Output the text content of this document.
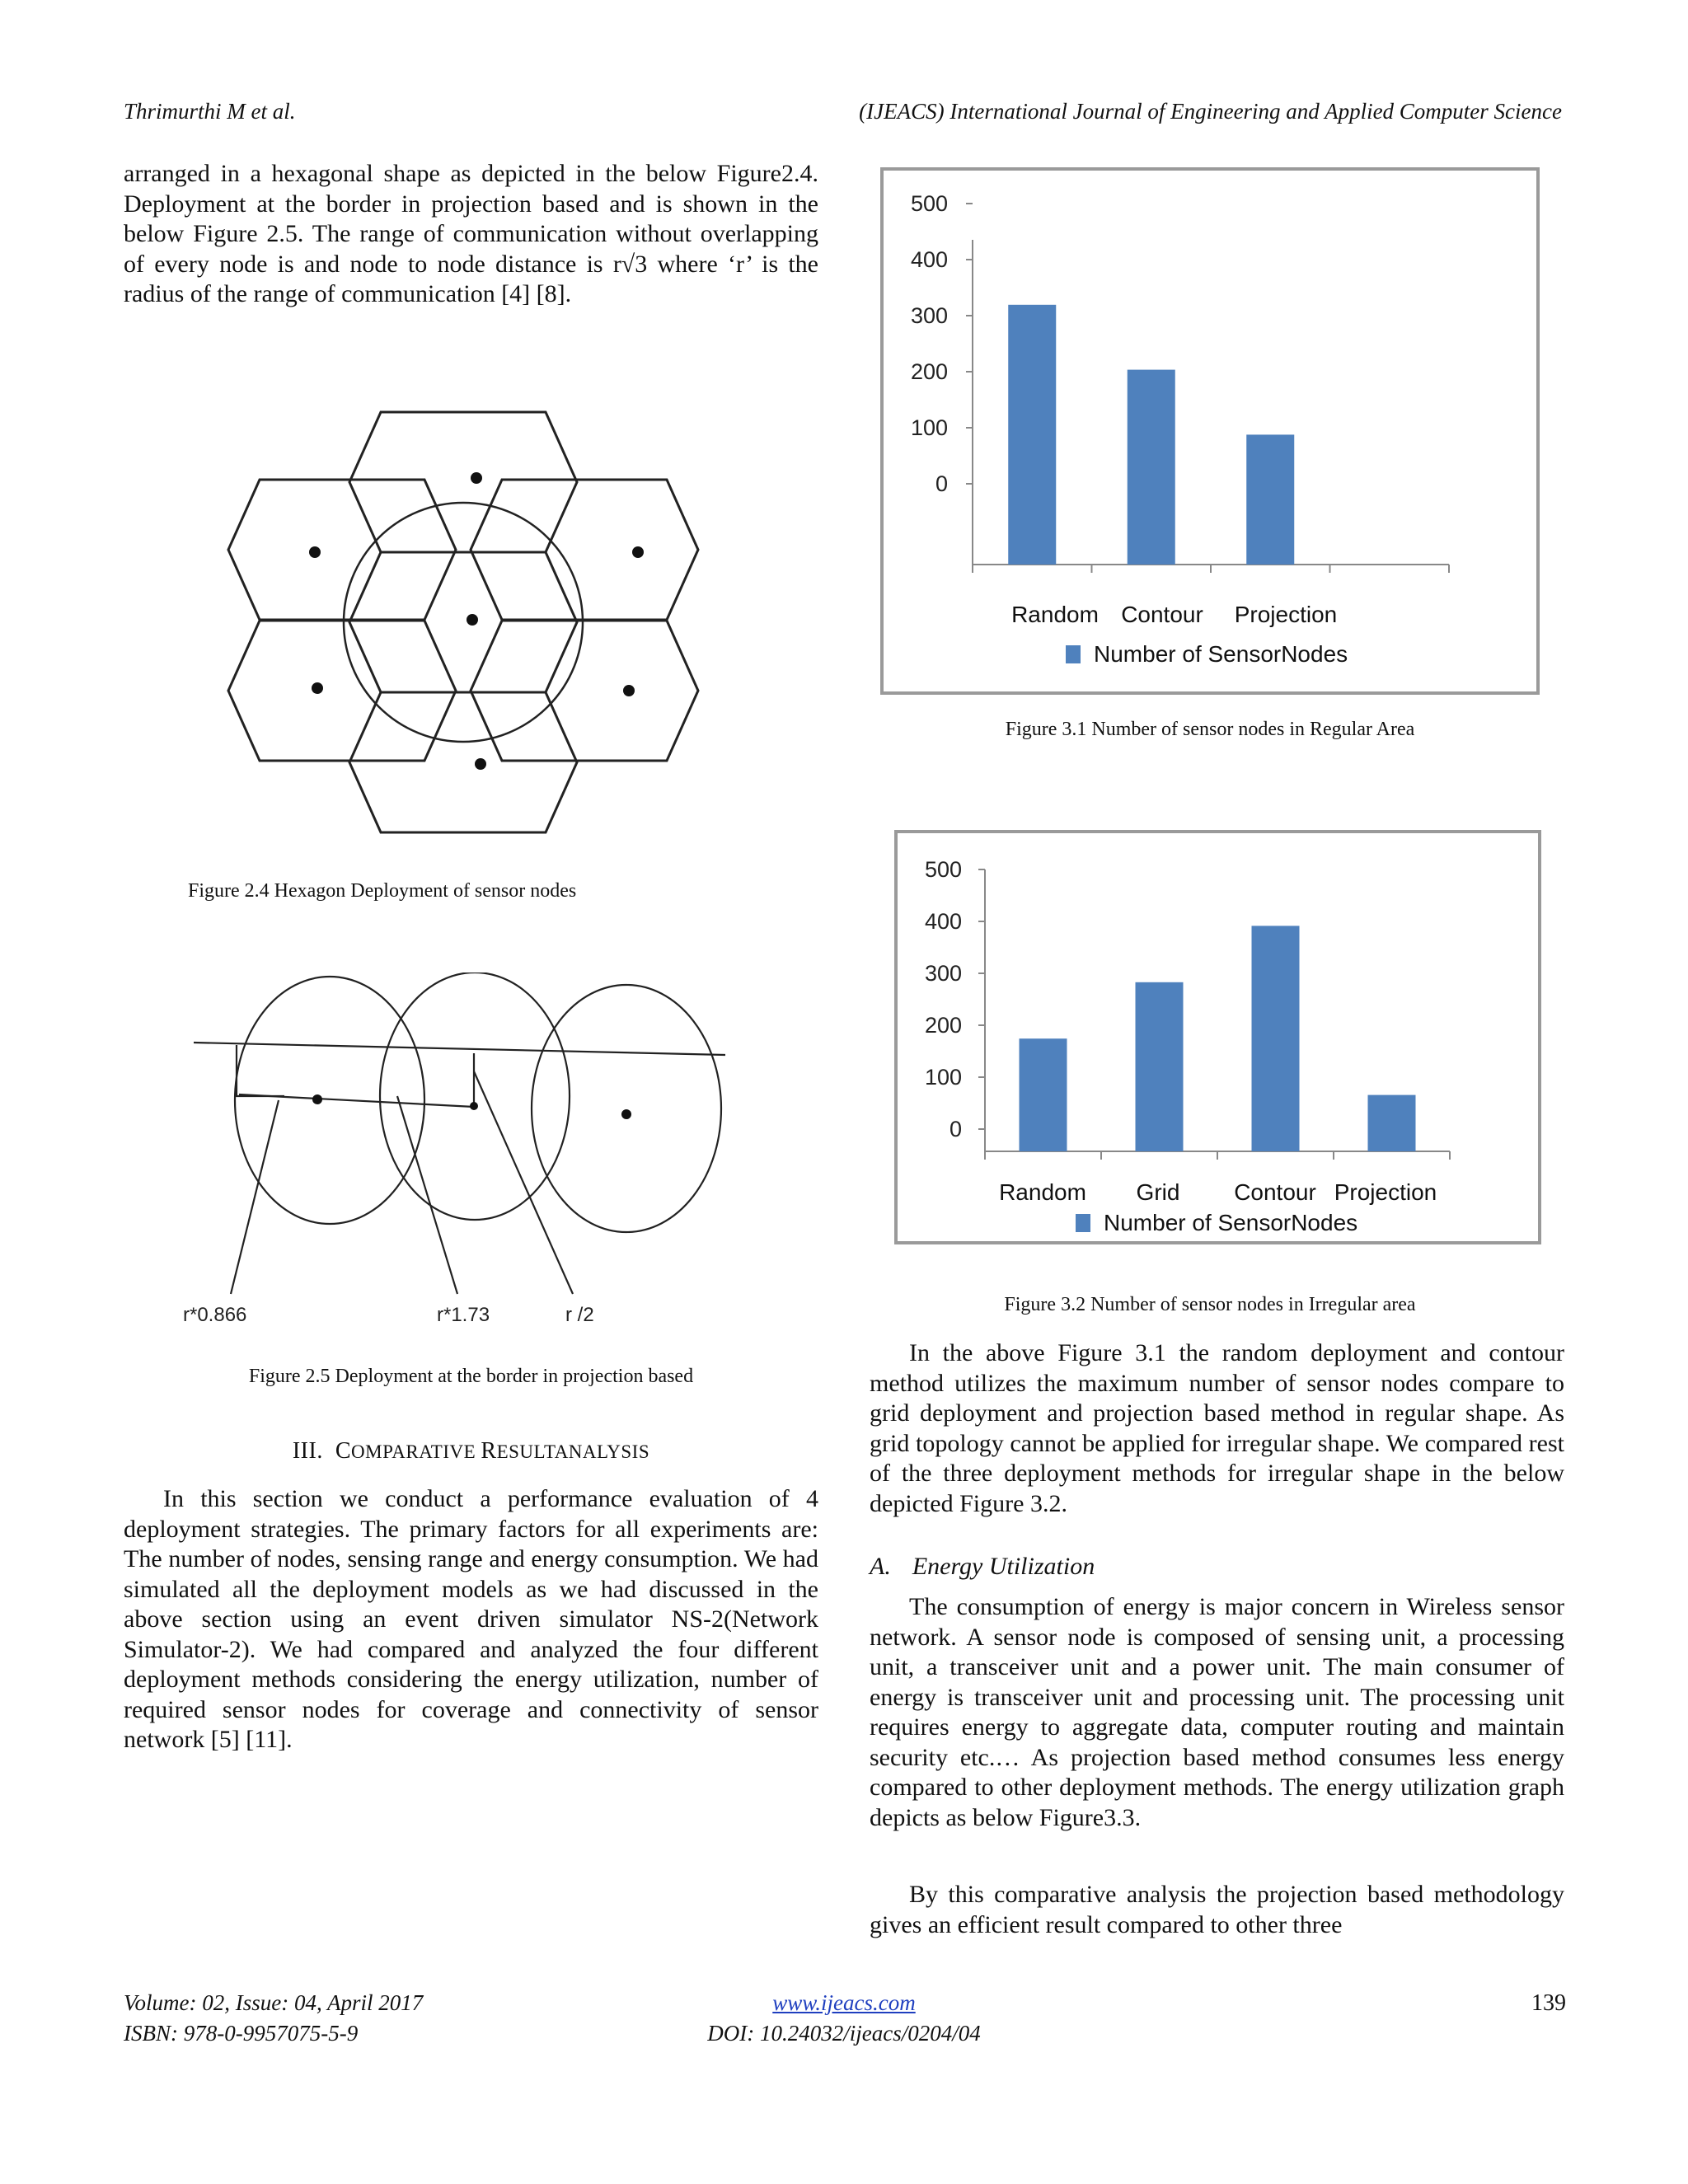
Thrimurthi M et al.	(IJEACS) International Journal of Engineering and Applied Computer Science

arranged in a hexagonal shape as depicted in the below Figure2.4. Deployment at the border in projection based and is shown in the below Figure 2.5. The range of communication without overlapping of every node is and node to node distance is r√3 where ‘r’ is the radius of the range of communication [4] [8].

Figure 2.4 Hexagon Deployment of sensor nodes
r*0.866	r*1.73	r /2
Figure 2.5 Deployment at the border in projection based
III. COMPARATIVE RESULTANALYSIS

In this section we conduct a performance evaluation of 4 deployment strategies. The primary factors for all experiments are: The number of nodes, sensing range and energy consumption. We had simulated all the deployment models as we had discussed in the above section using an event driven simulator NS-2(Network Simulator-2). We had compared and analyzed the four different deployment methods considering the energy utilization, number of required sensor nodes for coverage and connectivity of sensor network [5] [11].

500
400
300
200
100
0
Random Contour Projection
Number of SensorNodes
Figure 3.1 Number of sensor nodes in Regular Area
500
400
300
200
100
0
Random Grid Contour Projection
Number of SensorNodes
Figure 3.2 Number of sensor nodes in Irregular area

In the above Figure 3.1 the random deployment and contour method utilizes the maximum number of sensor nodes compare to grid deployment and projection based method in regular shape. As grid topology cannot be applied for irregular shape. We compared rest of the three deployment methods for irregular shape in the below depicted Figure 3.2.

A. Energy Utilization

The consumption of energy is major concern in Wireless sensor network. A sensor node is composed of sensing unit, a processing unit, a transceiver unit and a power unit. The main consumer of energy is transceiver unit and processing unit. The processing unit requires energy to aggregate data, computer routing and maintain security etc.… As projection based method consumes less energy compared to other deployment methods. The energy utilization graph depicts as below Figure3.3.

By this comparative analysis the projection based methodology gives an efficient result compared to other three

Volume: 02, Issue: 04, April 2017
ISBN: 978-0-9957075-5-9
www.ijeacs.com
DOI: 10.24032/ijeacs/0204/04
139
